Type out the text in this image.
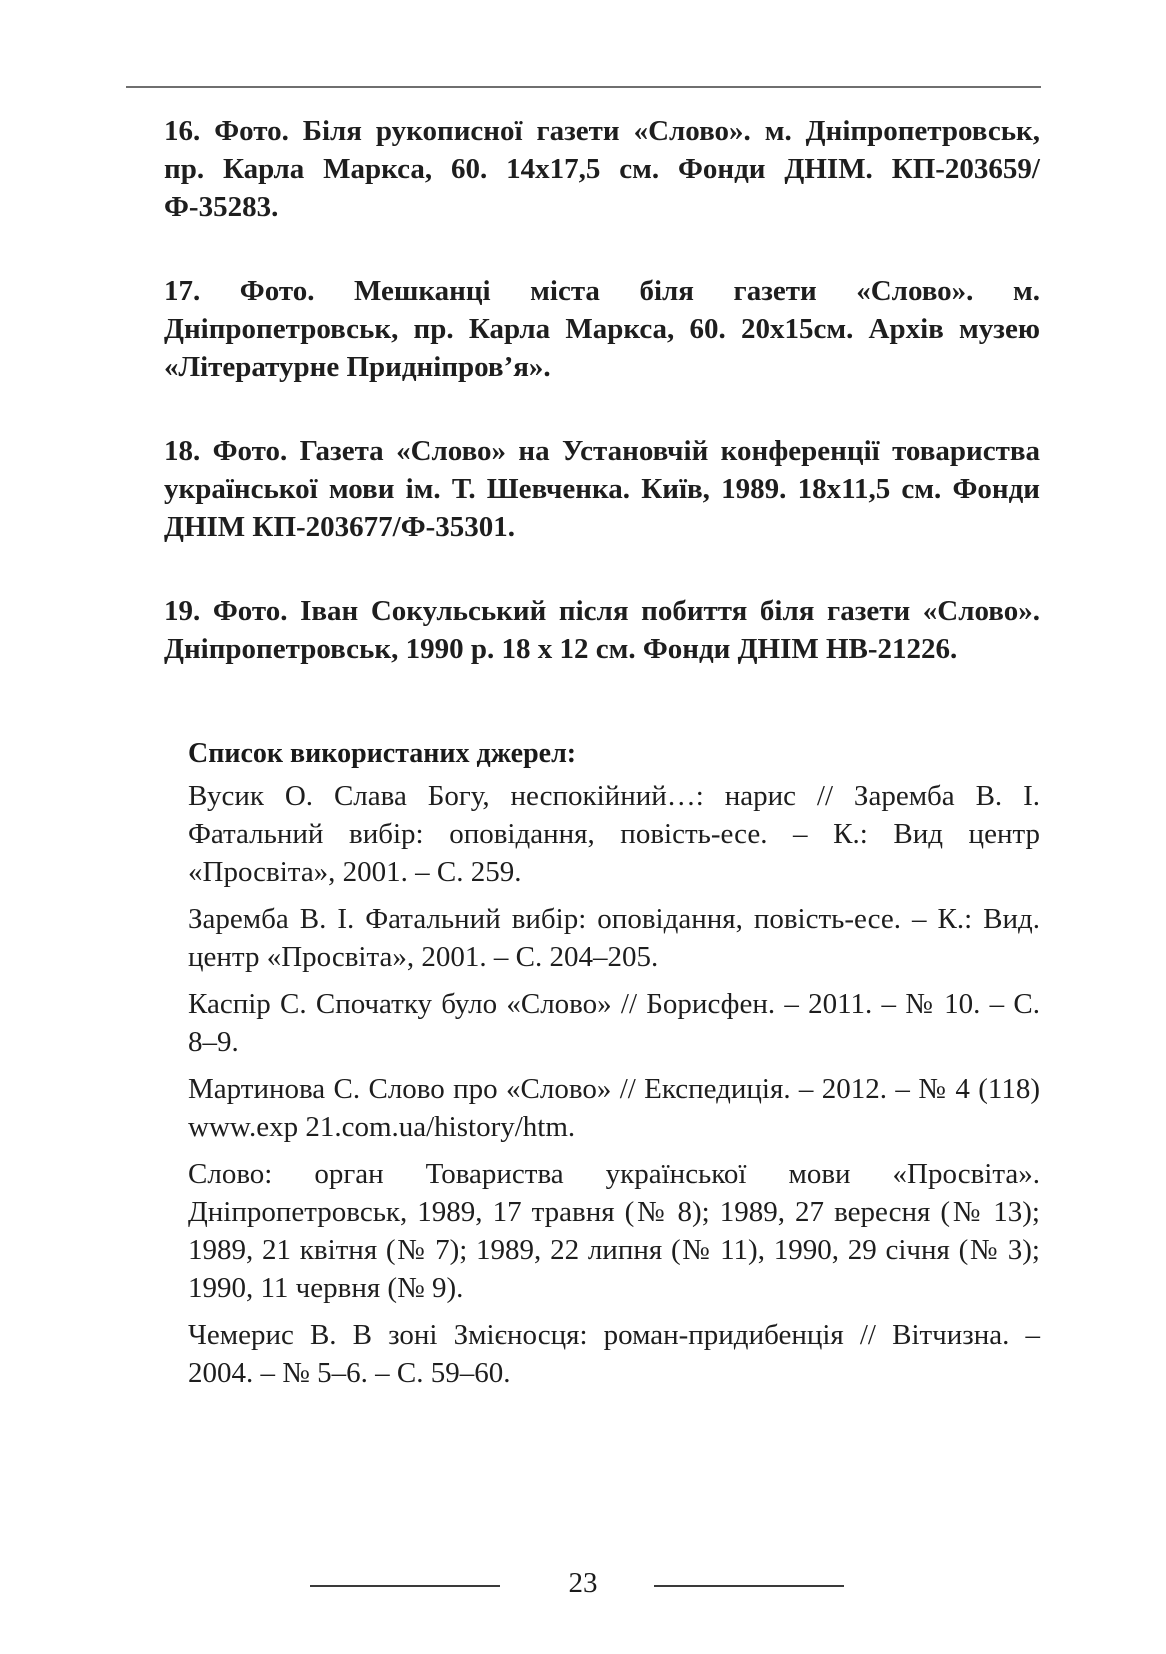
16. Фото. Біля рукописної газети «Слово». м. Дніпропетровськ, пр. Карла Маркса, 60. 14х17,5 см. Фонди ДНІМ. КП-203659/ Ф-35283.

17. Фото. Мешканці міста біля газети «Слово». м. Дніпропетровськ, пр. Карла Маркса, 60. 20х15см. Архів музею «Літературне Придніпров’я».

18. Фото. Газета «Слово» на Установчій конференції товариства української мови ім. Т. Шевченка. Київ, 1989. 18х11,5 см. Фонди ДНІМ КП-203677/Ф-35301.

19. Фото. Іван Сокульський після побиття біля газети «Слово». Дніпропетровськ, 1990 р. 18 х 12 см. Фонди ДНІМ НВ-21226.

Список використаних джерел:

Вусик О. Слава Богу, неспокійний…: нарис // Заремба В. І. Фатальний вибір: оповідання, повість-есе. – К.: Вид центр «Просвіта», 2001. – С. 259.

Заремба В. І. Фатальний вибір: оповідання, повість-есе. – К.: Вид. центр «Просвіта», 2001. – С. 204–205.

Каспір С. Спочатку було «Слово» // Борисфен. – 2011. – № 10. – С. 8–9.

Мартинова С. Слово про «Слово» // Експедиція. – 2012. – № 4 (118) www.exp 21.com.ua/history/htm.

Слово: орган Товариства української мови «Просвіта». Дніпропетровськ, 1989, 17 травня (№ 8); 1989, 27 вересня (№ 13); 1989, 21 квітня (№ 7); 1989, 22 липня (№ 11), 1990, 29 січня (№ 3); 1990, 11 червня (№ 9).

Чемерис В. В зоні Змієносця: роман-придибенція // Вітчизна. – 2004. – № 5–6. – С. 59–60.

23
